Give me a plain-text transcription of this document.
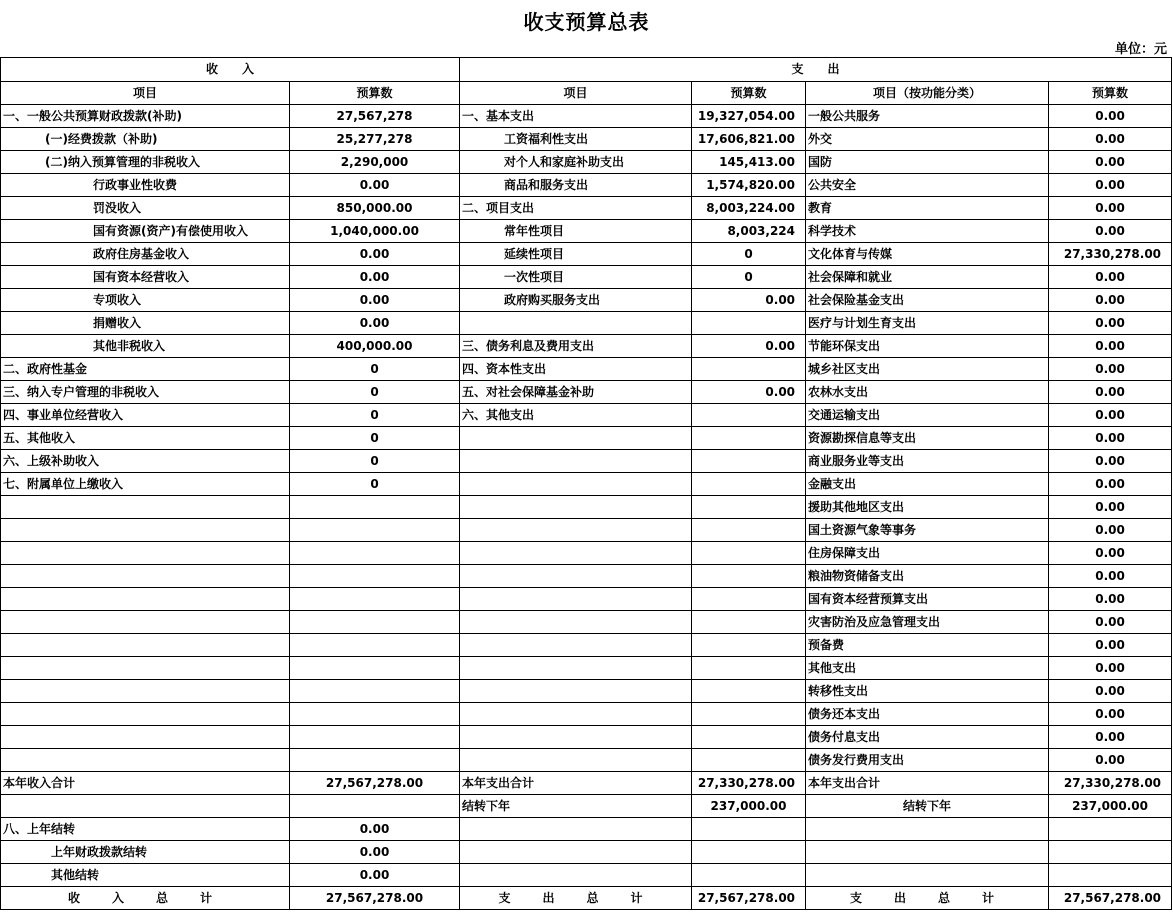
收支预算总表
单位：元
收　　入		支　　出			
项目	预算数	项目	预算数	项目（按功能分类）	预算数
一、一般公共预算财政拨款(补助)	27,567,278	一、基本支出	19,327,054.00	一般公共服务	0.00
(一)经费拨款（补助)	25,277,278	工资福利性支出	17,606,821.00	外交	0.00
(二)纳入预算管理的非税收入	2,290,000	对个人和家庭补助支出	145,413.00	国防	0.00
行政事业性收费	0.00	商品和服务支出	1,574,820.00	公共安全	0.00
罚没收入	850,000.00	二、项目支出	8,003,224.00	教育	0.00
国有资源(资产)有偿使用收入	1,040,000.00	常年性项目	8,003,224	科学技术	0.00
政府住房基金收入	0.00	延续性项目	0	文化体育与传媒	27,330,278.00
国有资本经营收入	0.00	一次性项目	0	社会保障和就业	0.00
专项收入	0.00	政府购买服务支出	0.00	社会保险基金支出	0.00
捐赠收入	0.00			医疗与计划生育支出	0.00
其他非税收入	400,000.00	三、债务利息及费用支出	0.00	节能环保支出	0.00
二、政府性基金	0	四、资本性支出		城乡社区支出	0.00
三、纳入专户管理的非税收入	0	五、对社会保障基金补助	0.00	农林水支出	0.00
四、事业单位经营收入	0	六、其他支出		交通运输支出	0.00
五、其他收入	0			资源勘探信息等支出	0.00
六、上级补助收入	0			商业服务业等支出	0.00
七、附属单位上缴收入	0			金融支出	0.00
				援助其他地区支出	0.00
				国土资源气象等事务	0.00
				住房保障支出	0.00
				粮油物资储备支出	0.00
				国有资本经营预算支出	0.00
				灾害防治及应急管理支出	0.00
				预备费	0.00
				其他支出	0.00
				转移性支出	0.00
				债务还本支出	0.00
				债务付息支出	0.00
				债务发行费用支出	0.00
本年收入合计	27,567,278.00	本年支出合计	27,330,278.00	本年支出合计	27,330,278.00
		结转下年	237,000.00	结转下年	237,000.00
八、上年结转	0.00				
上年财政拨款结转	0.00				
其他结转	0.00				
收　入　总　计	27,567,278.00	支　出　总　计	27,567,278.00	支　出　总　计	27,567,278.00
